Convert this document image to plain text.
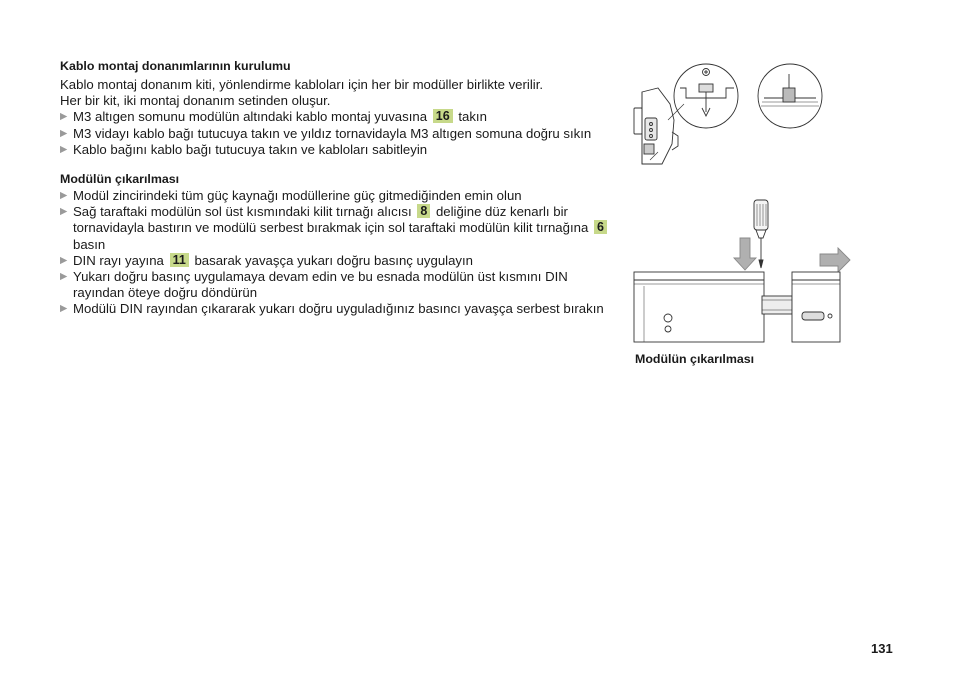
Kablo montaj donanımlarının kurulumu

Kablo montaj donanım kiti, yönlendirme kabloları için her bir modüller birlikte verilir.
Her bir kit, iki montaj donanım setinden oluşur.

▶ M3 altıgen somunu modülün altındaki kablo montaj yuvasına 16 takın
▶ M3 vidayı kablo bağı tutucuya takın ve yıldız tornavidayla M3 altıgen somuna doğru sıkın
▶ Kablo bağını kablo bağı tutucuya takın ve kabloları sabitleyin
Modülün çıkarılması
▶ Modül zincirindeki tüm güç kaynağı modüllerine güç gitmediğinden emin olun
▶ Sağ taraftaki modülün sol üst kısmındaki kilit tırnağı alıcısı 8 deliğine düz kenarlı bir tornavidayla bastırın ve modülü serbest bırakmak için sol taraftaki modülün kilit tırnağına 6 basın
▶ DIN rayı yayına 11 basarak yavaşça yukarı doğru basınç uygulayın
▶ Yukarı doğru basınç uygulamaya devam edin ve bu esnada modülün üst kısmını DIN rayından öteye doğru döndürün
▶ Modülü DIN rayından çıkararak yukarı doğru uyguladığınız basıncı yavaşça serbest bırakın
Modülün çıkarılması
131
